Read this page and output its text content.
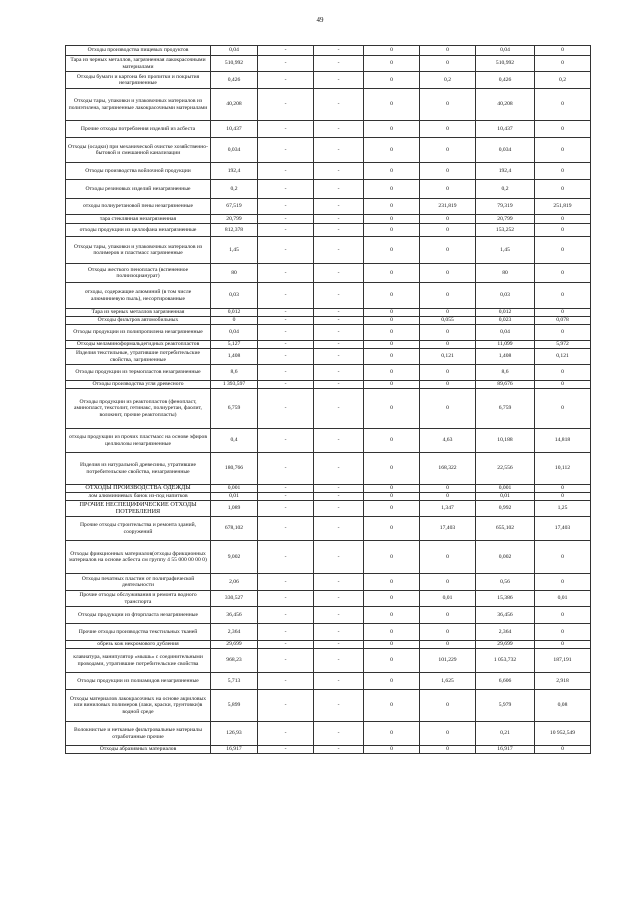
49
Отходы производства пищевых продуктов	0,04	-	-	0	0	0,04	0
Тара из черных металлов, загрязненная лакокрасочными материалами	510,992	-	-	0	0	510,992	0
Отходы бумаги и картона без пропитки и покрытия незагрязненные	0,426	-	-	0	0,2	0,426	0,2
Отходы тары, упаковки и упаковочных материалов из полиэтилена, загрязненные лакокрасочными материалами	40,208	-	-	0	0	40,208	0
Прочие отходы потребления изделий из асбеста	10,437	-	-	0	0	10,437	0
Отходы (осадки) при механической очистке хозяйственно-бытовой и смешанной канализации	0,034	-	-	0	0	0,034	0
Отходы производства войлочной продукции	192,4	-	-	0	0	192,4	0
Отходы резиновых изделий незагрязненные	0,2	-	-	0	0	0,2	0
отходы полиуретановой пены незагрязненные	67,519	-	-	0	231,819	79,319	251,819
тара стеклянная незагрязненная	20,799	-	-	0	0	20,799	0
отходы продукции из целлофана незагрязненные	812,378	-	-	0	0	153,252	0
Отходы тары, упаковки и упаковочных материалов из полимеров и пластмасс загрязненные	1,45	-	-	0	0	1,45	0
Отходы жесткого пенопласта (вспененное полиизоцианурат)	80	-	-	0	0	80	0
отходы, содержащие алюминий (в том числе алюминиевую пыль), несортированные	0,03	-	-	0	0	0,03	0
Тара из черных металлов загрязненная	0,012	-	-	0	0	0,012	0
Отходы фильтров автомобильных	0	-	-	0	0,055	0,023	0,078
Отходы продукции из полипропилена незагрязненные	0,04	-	-	0	0	0,04	0
Отходы меламиноформальдегидных реактопластов	5,127	-	-	0	0	11,099	5,972
Изделия текстильные, утратившие потребительские свойства, загрязненные	1,408	-	-	0	0,121	1,408	0,121
Отходы продукции из термопластов незагрязненные	8,6	-	-	0	0	8,6	0
Отходы производства угля древесного	1 393,597	-	-	0	0	89,676	0
Отходы продукции из реактопластов (фенопласт, аминопласт, текстолит, гетинакс, полиуретан, фаолит, волокнит, прочие реактопласты)	6,759	-	-	0	0	6,759	0
отходы продукции из прочих пластмасс на основе эфиров целлюлозы незагрязненные	0,4	-	-	0	4,63	10,188	14,818
Изделия из натуральной древесины, утратившие потребительские свойства, незагрязненные	180,766	-	-	0	168,322	22,556	10,112
ОТХОДЫ ПРОИЗВОДСТВА ОДЕЖДЫ	0,001	-	-	0	0	0,001	0
лом алюминиевых банок из-под напитков	0,01	-	-	0	0	0,01	0
ПРОЧИЕ НЕСПЕЦИФИЧЕСКИЕ ОТХОДЫ ПОТРЕБЛЕНИЯ	1,089	-	-	0	1,347	0,992	1,25
Прочие отходы строительства и ремонта зданий, сооружений	678,102	-	-	0	17,403	655,102	17,403
Отходы фрикционных материалов(отходы фрикционных материалов на основе асбеста см группу 4 55 000 00 00 0)	9,002	-	-	0	0	0,002	0
Отходы печатных пластин от полиграфической деятельности	2,06	-	-	0	0	0,56	0
Прочие отходы обслуживания и ремонта водного транспорта	330,527	-	-	0	0,01	15,386	0,01
Отходы продукции из фторпласта незагрязненные	36,456	-	-	0	0	36,456	0
Прочие отходы производства текстильных тканей	2,364	-	-	0	0	2,364	0
обрезь кож некромового дубления	29,699	-	-	0	0	29,699	0
клавиатура, манипулятор «мышь» с соединительными проводами, утратившие потребительские свойства	968,23	-	-	0	101,229	1 053,732	187,191
Отходы продукции из полиамидов незагрязненные	5,713	-	-	0	1,625	6,606	2,918
Отходы материалов лакокрасочных на основе акриловых или виниловых полимеров (лаки, краски, грунтовки)в водной среде	5,899	-	-	0	0	5,979	0,08
Волокнистые и нетканые фильтровальные материалы отработанные прочие	126,93	-	-	0	0	0,21	10 952,549
Отходы абразивных материалов	16,917	-	-	0	0	16,917	0
